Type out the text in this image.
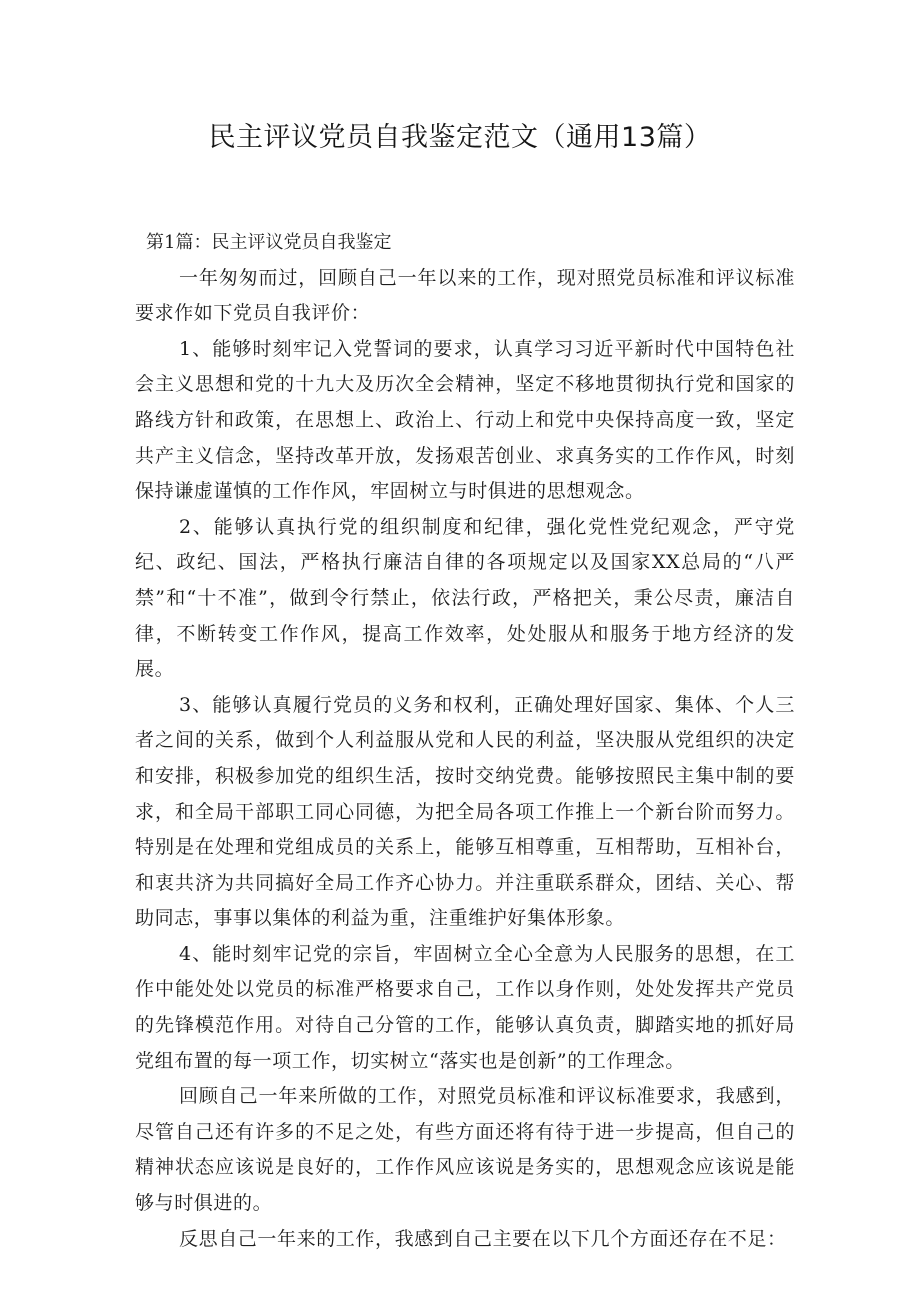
民主评议党员自我鉴定范文（通用13篇）

第1篇：民主评议党员自我鉴定

一年匆匆而过，回顾自己一年以来的工作，现对照党员标准和评议标准要求作如下党员自我评价：

1、能够时刻牢记入党誓词的要求，认真学习习近平新时代中国特色社会主义思想和党的十九大及历次全会精神，坚定不移地贯彻执行党和国家的路线方针和政策，在思想上、政治上、行动上和党中央保持高度一致，坚定共产主义信念，坚持改革开放，发扬艰苦创业、求真务实的工作作风，时刻保持谦虚谨慎的工作作风，牢固树立与时俱进的思想观念。

2、能够认真执行党的组织制度和纪律，强化党性党纪观念，严守党纪、政纪、国法，严格执行廉洁自律的各项规定以及国家XX总局的“八严禁”和“十不准”，做到令行禁止，依法行政，严格把关，秉公尽责，廉洁自律，不断转变工作作风，提高工作效率，处处服从和服务于地方经济的发展。

3、能够认真履行党员的义务和权利，正确处理好国家、集体、个人三者之间的关系，做到个人利益服从党和人民的利益，坚决服从党组织的决定和安排，积极参加党的组织生活，按时交纳党费。能够按照民主集中制的要求，和全局干部职工同心同德，为把全局各项工作推上一个新台阶而努力。特别是在处理和党组成员的关系上，能够互相尊重，互相帮助，互相补台，和衷共济为共同搞好全局工作齐心协力。并注重联系群众，团结、关心、帮助同志，事事以集体的利益为重，注重维护好集体形象。

4、能时刻牢记党的宗旨，牢固树立全心全意为人民服务的思想，在工作中能处处以党员的标准严格要求自己，工作以身作则，处处发挥共产党员的先锋模范作用。对待自己分管的工作，能够认真负责，脚踏实地的抓好局党组布置的每一项工作，切实树立“落实也是创新”的工作理念。

回顾自己一年来所做的工作，对照党员标准和评议标准要求，我感到，尽管自己还有许多的不足之处，有些方面还将有待于进一步提高，但自己的精神状态应该说是良好的，工作作风应该说是务实的，思想观念应该说是能够与时俱进的。

反思自己一年来的工作，我感到自己主要在以下几个方面还存在不足：
